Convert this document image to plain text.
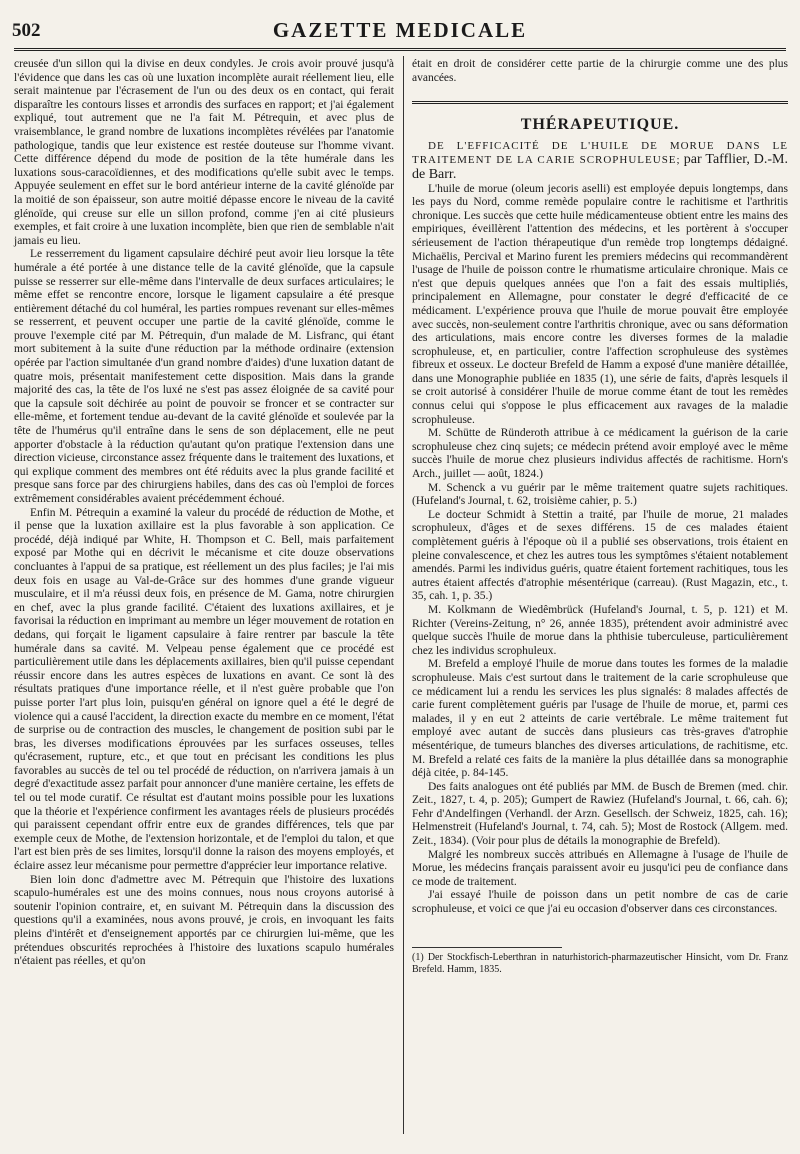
502	GAZETTE MEDICALE

creusée d'un sillon qui la divise en deux condyles. Je crois avoir prouvé jusqu'à l'évidence que dans les cas où une luxation incomplète aurait réellement lieu, elle serait maintenue par l'écrasement de l'un ou des deux os en contact, qui ferait disparaître les contours lisses et arrondis des surfaces en rapport; et j'ai également expliqué, tout autrement que ne l'a fait M. Pétrequin, et avec plus de vraisemblance, le grand nombre de luxations incomplètes révélées par l'anatomie pathologique, tandis que leur existence est restée douteuse sur l'homme vivant. Cette différence dépend du mode de position de la tête humérale dans les luxations sous-caracoïdiennes, et des modifications qu'elle subit avec le temps. Appuyée seulement en effet sur le bord antérieur interne de la cavité glénoïde par la moitié de son épaisseur, son autre moitié dépasse encore le niveau de la cavité glénoïde, qui creuse sur elle un sillon profond, comme j'en ai cité plusieurs exemples, et fait croire à une luxation incomplète, bien que rien de semblable n'ait jamais eu lieu.

Le resserrement du ligament capsulaire déchiré peut avoir lieu lorsque la tête humérale a été portée à une distance telle de la cavité glénoïde, que la capsule puisse se resserrer sur elle-même dans l'intervalle de deux surfaces articulaires; le même effet se rencontre encore, lorsque le ligament capsulaire a été presque entièrement détaché du col huméral, les parties rompues revenant sur elles-mêmes se resserrent, et peuvent occuper une partie de la cavité glénoïde, comme le prouve l'exemple cité par M. Pétrequin, d'un malade de M. Lisfranc, qui étant mort subitement à la suite d'une réduction par la méthode ordinaire (extension opérée par l'action simultanée d'un grand nombre d'aides) d'une luxation datant de quatre mois, présentait manifestement cette disposition. Mais dans la grande majorité des cas, la tête de l'os luxé ne s'est pas assez éloignée de sa cavité pour que la capsule soit déchirée au point de pouvoir se froncer et se contracter sur elle-même, et fortement tendue au-devant de la cavité glénoïde et soulevée par la tête de l'humérus qu'il entraîne dans le sens de son déplacement, elle ne peut apporter d'obstacle à la réduction qu'autant qu'on pratique l'extension dans une direction vicieuse, circonstance assez fréquente dans le traitement des luxations, et qui explique comment des membres ont été réduits avec la plus grande facilité et presque sans force par des chirurgiens habiles, dans des cas où l'emploi de forces extrêmement considérables avaient précédemment échoué.

Enfin M. Pétrequin a examiné la valeur du procédé de réduction de Mothe, et il pense que la luxation axillaire est la plus favorable à son application. Ce procédé, déjà indiqué par White, H. Thompson et C. Bell, mais parfaitement exposé par Mothe qui en décrivit le mécanisme et cite douze observations concluantes à l'appui de sa pratique, est réellement un des plus faciles; je l'ai mis deux fois en usage au Val-de-Grâce sur des hommes d'une grande vigueur musculaire, et il m'a réussi deux fois, en présence de M. Gama, notre chirurgien en chef, avec la plus grande facilité. C'étaient des luxations axillaires, et je favorisai la réduction en imprimant au membre un léger mouvement de rotation en dedans, qui forçait le ligament capsulaire à faire rentrer par bascule la tête humérale dans sa cavité. M. Velpeau pense également que ce procédé est particulièrement utile dans les déplacements axillaires, bien qu'il puisse cependant réussir encore dans les autres espèces de luxations en avant. Ce sont là des résultats pratiques d'une importance réelle, et il n'est guère probable que l'on puisse porter l'art plus loin, puisqu'en général on ignore quel a été le degré de violence qui a causé l'accident, la direction exacte du membre en ce moment, l'état de surprise ou de contraction des muscles, le changement de position subi par le bras, les diverses modifications éprouvées par les surfaces osseuses, telles qu'écrasement, rupture, etc., et que tout en précisant les conditions les plus favorables au succès de tel ou tel procédé de réduction, on n'arrivera jamais à un degré d'exactitude assez parfait pour annoncer d'une manière certaine, les effets de tel ou tel mode curatif. Ce résultat est d'autant moins possible pour les luxations que la théorie et l'expérience confirment les avantages réels de plusieurs procédés qui paraissent cependant offrir entre eux de grandes différences, tels que par exemple ceux de Mothe, de l'extension horizontale, et de l'emploi du talon, et que l'art est bien près de ses limites, lorsqu'il donne la raison des moyens employés, et éclaire assez leur mécanisme pour permettre d'apprécier leur importance relative.

Bien loin donc d'admettre avec M. Pétrequin que l'histoire des luxations scapulo-humérales est une des moins connues, nous nous croyons autorisé à soutenir l'opinion contraire, et, en suivant M. Pétrequin dans la discussion des questions qu'il a examinées, nous avons prouvé, je crois, en invoquant les faits pleins d'intérêt et d'enseignement apportés par ce chirurgien lui-même, que les prétendues obscurités reprochées à l'histoire des luxations scapulo humérales n'étaient pas réelles, et qu'on

était en droit de considérer cette partie de la chirurgie comme une des plus avancées.

THÉRAPEUTIQUE.

DE L'EFFICACITÉ DE L'HUILE DE MORUE DANS LE TRAITEMENT DE LA CARIE SCROPHULEUSE; par Tafflier, D.-M. de Barr.

L'huile de morue (oleum jecoris aselli) est employée depuis longtemps, dans les pays du Nord, comme remède populaire contre le rachitisme et l'arthritis chronique. Les succès que cette huile médicamenteuse obtient entre les mains des empiriques, éveillèrent l'attention des médecins, et les portèrent à s'occuper sérieusement de l'action thérapeutique d'un remède trop longtemps dédaigné. Michaëlis, Percival et Marino furent les premiers médecins qui recommandèrent l'usage de l'huile de poisson contre le rhumatisme articulaire chronique. Mais ce n'est que depuis quelques années que l'on a fait des essais multipliés, principalement en Allemagne, pour constater le degré d'efficacité de ce médicament. L'expérience prouva que l'huile de morue pouvait être employée avec succès, non-seulement contre l'arthritis chronique, avec ou sans déformation des articulations, mais encore contre les diverses formes de la maladie scrophuleuse, et, en particulier, contre l'affection scrophuleuse des systèmes fibreux et osseux. Le docteur Brefeld de Hamm a exposé d'une manière détaillée, dans une Monographie publiée en 1835 (1), une série de faits, d'après lesquels il se croit autorisé à considérer l'huile de morue comme étant de tout les remèdes connus celui qui s'oppose le plus efficacement aux ravages de la maladie scrophuleuse.

M. Schütte de Ründeroth attribue à ce médicament la guérison de la carie scrophuleuse chez cinq sujets; ce médecin prétend avoir employé avec le même succès l'huile de morue chez plusieurs individus affectés de rachitisme. Horn's Arch., juillet — août, 1824.)

M. Schenck a vu guérir par le même traitement quatre sujets rachitiques. (Hufeland's Journal, t. 62, troisième cahier, p. 5.)

Le docteur Schmidt à Stettin a traité, par l'huile de morue, 21 malades scrophuleux, d'âges et de sexes différens. 15 de ces malades étaient complètement guéris à l'époque où il a publié ses observations, trois étaient en pleine convalescence, et chez les autres tous les symptômes s'étaient notablement amendés. Parmi les individus guéris, quatre étaient fortement rachitiques, tous les autres étaient affectés d'atrophie mésentérique (carreau). (Rust Magazin, etc., t. 35, cah. 1, p. 35.)

M. Kolkmann de Wiedêmbrück (Hufeland's Journal, t. 5, p. 121) et M. Richter (Vereins-Zeitung, n° 26, année 1835), prétendent avoir administré avec quelque succès l'huile de morue dans la phthisie tuberculeuse, particulièrement chez les individus scrophuleux.

M. Brefeld a employé l'huile de morue dans toutes les formes de la maladie scrophuleuse. Mais c'est surtout dans le traitement de la carie scrophuleuse que ce médicament lui a rendu les services les plus signalés: 8 malades affectés de carie furent complètement guéris par l'usage de l'huile de morue, et, parmi ces malades, il y en eut 2 atteints de carie vertébrale. Le même traitement fut employé avec autant de succès dans plusieurs cas très-graves d'atrophie mésentérique, de tumeurs blanches des diverses articulations, de rachitisme, etc. M. Brefeld a relaté ces faits de la manière la plus détaillée dans sa monographie déjà citée, p. 84-145.

Des faits analogues ont été publiés par MM. de Busch de Bremen (med. chir. Zeit., 1827, t. 4, p. 205); Gumpert de Rawiez (Hufeland's Journal, t. 66, cah. 6); Fehr d'Andelfingen (Verhandl. der Arzn. Gesellsch. der Schweiz, 1825, cah. 16); Helmenstreit (Hufeland's Journal, t. 74, cah. 5); Most de Rostock (Allgem. med. Zeit., 1834). (Voir pour plus de détails la monographie de Brefeld).

Malgré les nombreux succès attribués en Allemagne à l'usage de l'huile de Morue, les médecins français paraissent avoir eu jusqu'ici peu de confiance dans ce mode de traitement.

J'ai essayé l'huile de poisson dans un petit nombre de cas de carie scrophuleuse, et voici ce que j'ai eu occasion d'observer dans ces circonstances.

(1) Der Stockfisch-Leberthran in naturhistorich-pharmazeutischer Hinsicht, vom Dr. Franz Brefeld. Hamm, 1835.
